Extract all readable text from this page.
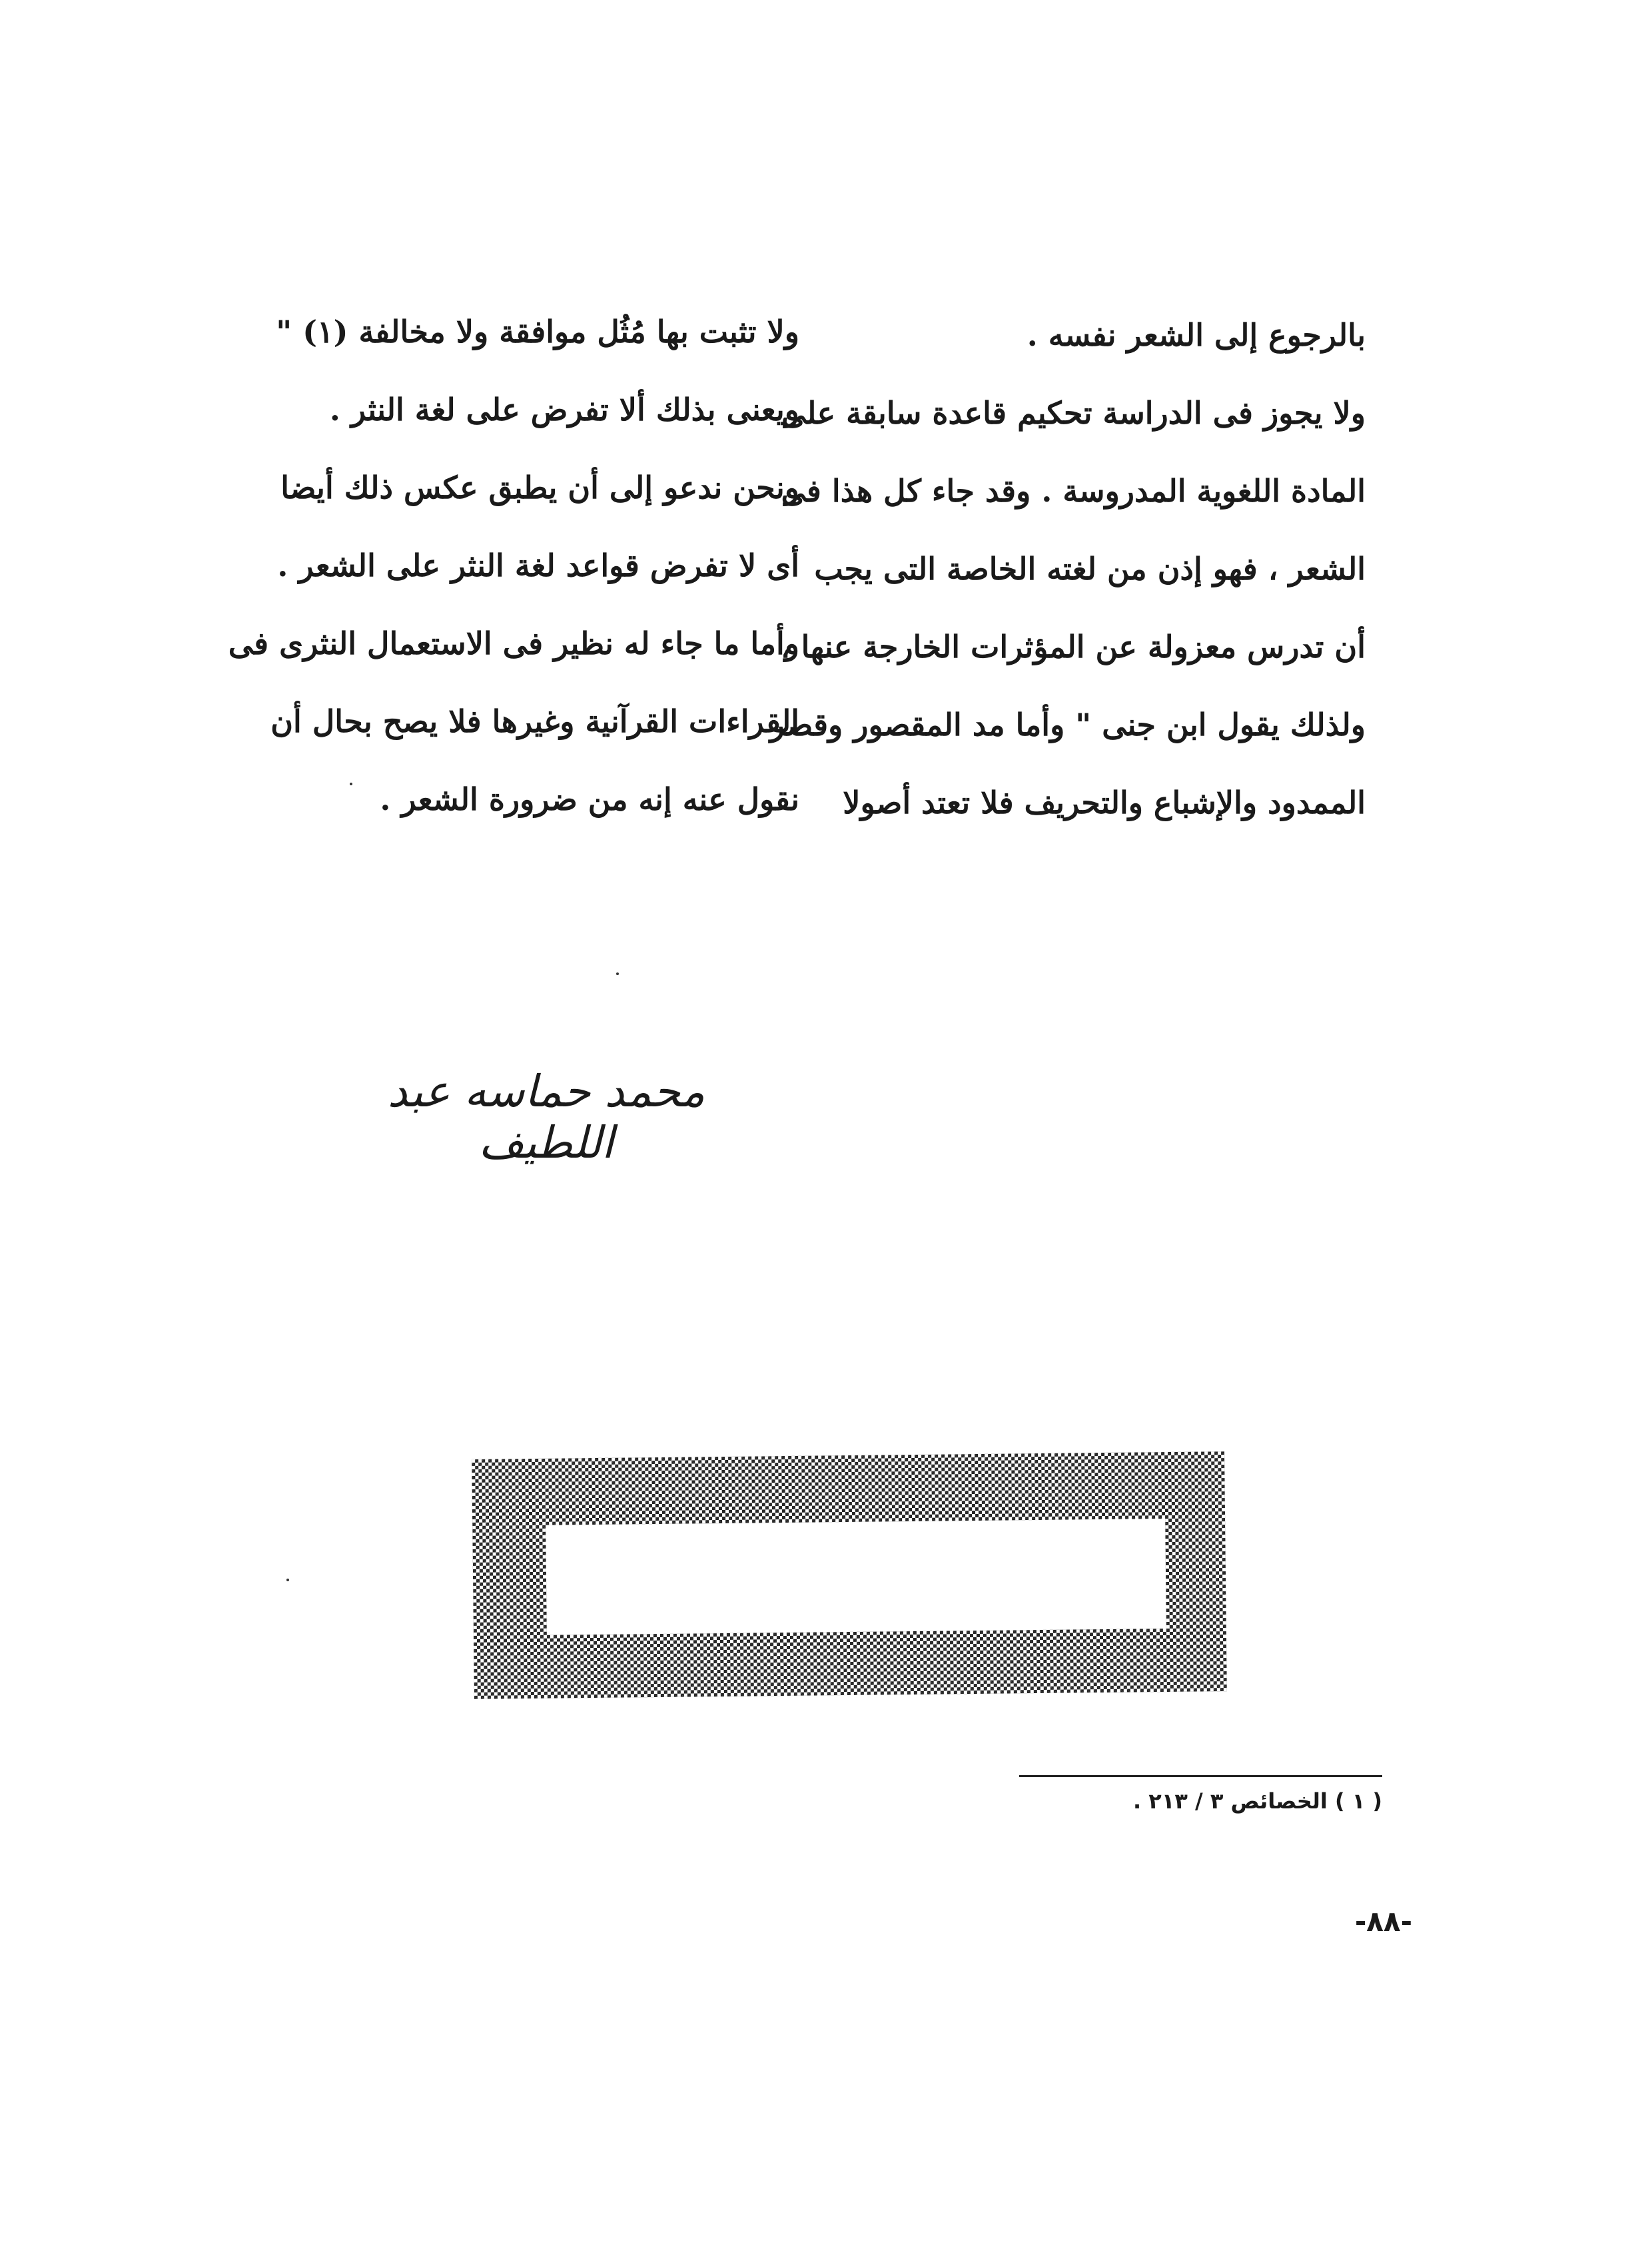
بالرجوع إلى الشعر نفسه .
ولا يجوز فى الدراسة تحكيم قاعدة سابقة على
المادة اللغوية المدروسة . وقد جاء كل هذا فى
الشعر ، فهو إذن من لغته الخاصة التى يجب
أن تدرس معزولة عن المؤثرات الخارجة عنها ،
ولذلك يقول ابن جنى " وأما مد المقصور وقصر
الممدود والإشباع والتحريف فلا تعتد أصولا
ولا تثبت بها مُثُل موافقة ولا مخالفة (١) "
ويعنى بذلك ألا تفرض على لغة النثر .
ونحن ندعو إلى أن يطبق عكس ذلك أيضا
أى لا تفرض قواعد لغة النثر على الشعر .
وأما ما جاء له نظير فى الاستعمال النثرى فى
القراءات القرآنية وغيرها فلا يصح بحال أن
نقول عنه إنه من ضرورة الشعر .
محمد حماسه عبد اللطيف
( ١ ) الخصائص ٣ / ٢١٣ .
-٨٨-
